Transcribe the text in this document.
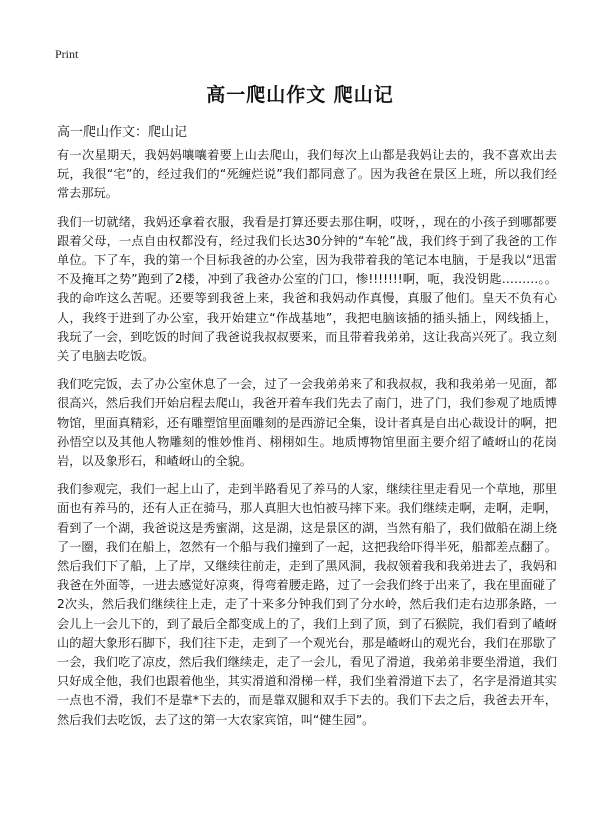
Print
高一爬山作文 爬山记
高一爬山作文：爬山记

有一次星期天，我妈妈嚷嚷着要上山去爬山，我们每次上山都是我妈让去的，我不喜欢出去玩，我很“宅”的，经过我们的“死缠烂说”我们都同意了。因为我爸在景区上班，所以我们经常去那玩。

我们一切就绪，我妈还拿着衣服，我看是打算还要去那住啊，哎呀，，现在的小孩子到哪都要跟着父母，一点自由权都没有，经过我们长达30分钟的“车轮”战，我们终于到了我爸的工作单位。下了车，我的第一个目标我爸的办公室，因为我带着我的笔记本电脑，于是我以“迅雷不及掩耳之势”跑到了2楼，冲到了我爸办公室的门口，惨!!!!!!!啊，呃，我没钥匙………。。我的命咋这么苦呢。还要等到我爸上来，我爸和我妈动作真慢，真服了他们。皇天不负有心人，我终于进到了办公室，我开始建立“作战基地”，我把电脑该插的插头插上，网线插上，我玩了一会，到吃饭的时间了我爸说我叔叔要来，而且带着我弟弟，这让我高兴死了。我立刻关了电脑去吃饭。

我们吃完饭，去了办公室休息了一会，过了一会我弟弟来了和我叔叔，我和我弟弟一见面，都很高兴，然后我们开始启程去爬山，我爸开着车我们先去了南门，进了门，我们参观了地质博物馆，里面真精彩，还有雕塑馆里面雕刻的是西游记全集，设计者真是自出心裁设计的啊，把孙悟空以及其他人物雕刻的惟妙惟肖、栩栩如生。地质博物馆里面主要介绍了嵖岈山的花岗岩，以及象形石，和嵖岈山的全貌。

我们参观完，我们一起上山了，走到半路看见了养马的人家，继续往里走看见一个草地，那里面也有养马的，还有人正在骑马，那人真胆大也怕被马摔下来。我们继续走啊，走啊，走啊，看到了一个湖，我爸说这是秀蜜湖，这是湖，这是景区的湖，当然有船了，我们做船在湖上绕了一圈，我们在船上，忽然有一个船与我们撞到了一起，这把我给吓得半死，船都差点翻了。然后我们下了船，上了岸，又继续往前走，走到了黑风洞，我叔领着我和我弟进去了，我妈和我爸在外面等，一进去感觉好凉爽，得弯着腰走路，过了一会我们终于出来了，我在里面碰了2次头，然后我们继续往上走，走了十来多分钟我们到了分水岭，然后我们走右边那条路，一会儿上一会儿下的，到了最后全都变成上的了，我们上到了顶，到了石猴院，我们看到了嵖岈山的超大象形石脚下，我们往下走，走到了一个观光台，那是嵖岈山的观光台，我们在那歇了一会，我们吃了凉皮，然后我们继续走，走了一会儿，看见了滑道，我弟弟非要坐滑道，我们只好成全他，我们也跟着他坐，其实滑道和滑梯一样，我们坐着滑道下去了，名字是滑道其实一点也不滑，我们不是靠*下去的，而是靠双腿和双手下去的。我们下去之后，我爸去开车，然后我们去吃饭，去了这的第一大农家宾馆，叫“健生园”。
